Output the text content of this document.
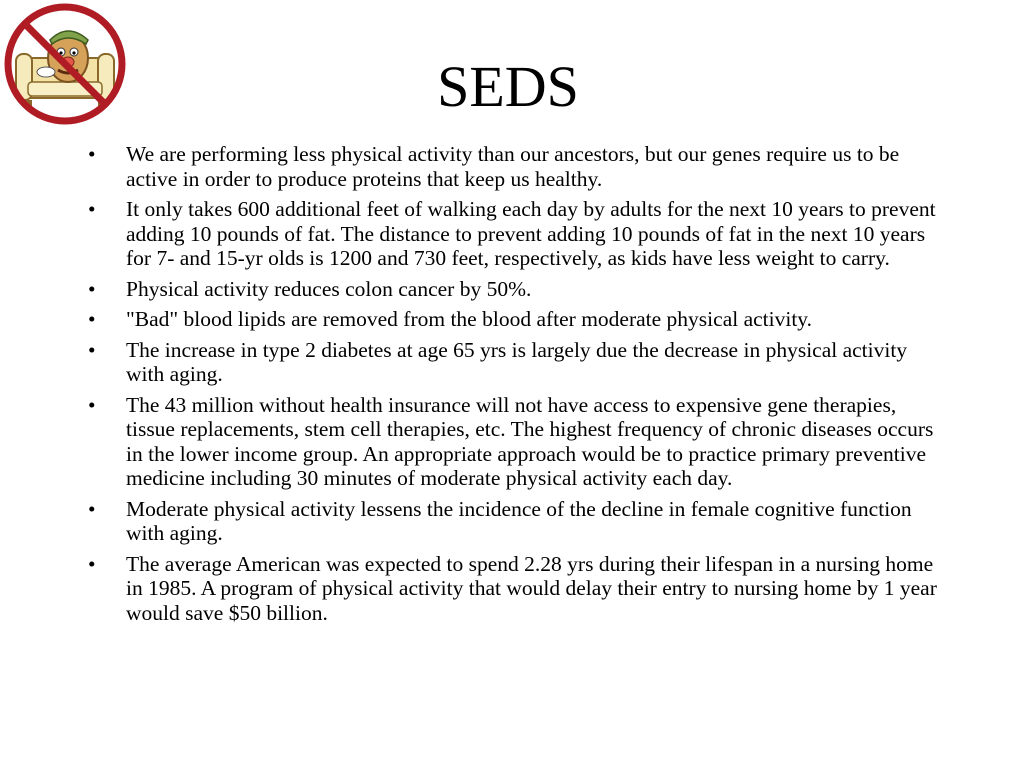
SEDS
• We are performing less physical activity than our ancestors, but our genes require us to be active in order to produce proteins that keep us healthy.
• It only takes 600 additional feet of walking each day by adults for the next 10 years to prevent adding 10 pounds of fat. The distance to prevent adding 10 pounds of fat in the next 10 years for 7- and 15-yr olds is 1200 and 730 feet, respectively, as kids have less weight to carry.
• Physical activity reduces colon cancer by 50%.
• "Bad" blood lipids are removed from the blood after moderate physical activity.
• The increase in type 2 diabetes at age 65 yrs is largely due the decrease in physical activity with aging.
• The 43 million without health insurance will not have access to expensive gene therapies, tissue replacements, stem cell therapies, etc. The highest frequency of chronic diseases occurs in the lower income group. An appropriate approach would be to practice primary preventive medicine including 30 minutes of moderate physical activity each day.
• Moderate physical activity lessens the incidence of the decline in female cognitive function with aging.
• The average American was expected to spend 2.28 yrs during their lifespan in a nursing home in 1985. A program of physical activity that would delay their entry to nursing home by 1 year would save $50 billion.
